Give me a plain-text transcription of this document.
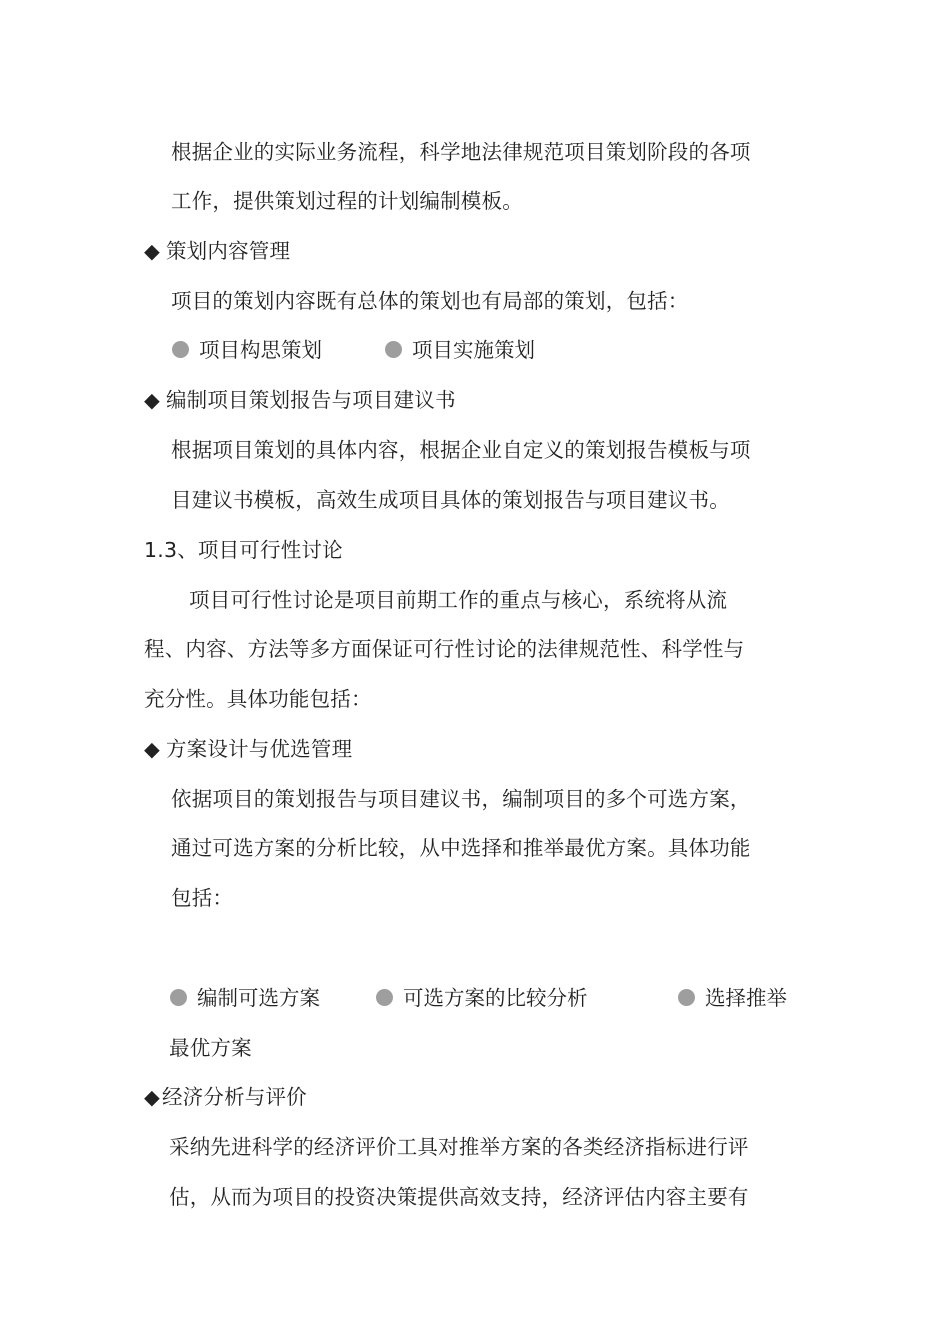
根据企业的实际业务流程，科学地法律规范项目策划阶段的各项
工作，提供策划过程的计划编制模板。
◆ 策划内容管理
项目的策划内容既有总体的策划也有局部的策划，包括：
项目构思策划	项目实施策划
◆ 编制项目策划报告与项目建议书
根据项目策划的具体内容，根据企业自定义的策划报告模板与项
目建议书模板，高效生成项目具体的策划报告与项目建议书。
1.3、项目可行性讨论
项目可行性讨论是项目前期工作的重点与核心，系统将从流
程、内容、方法等多方面保证可行性讨论的法律规范性、科学性与
充分性。具体功能包括：
◆ 方案设计与优选管理
依据项目的策划报告与项目建议书，编制项目的多个可选方案，
通过可选方案的分析比较，从中选择和推举最优方案。具体功能
包括：
编制可选方案	可选方案的比较分析	选择推举
最优方案
◆经济分析与评价
采纳先进科学的经济评价工具对推举方案的各类经济指标进行评
估，从而为项目的投资决策提供高效支持，经济评估内容主要有
